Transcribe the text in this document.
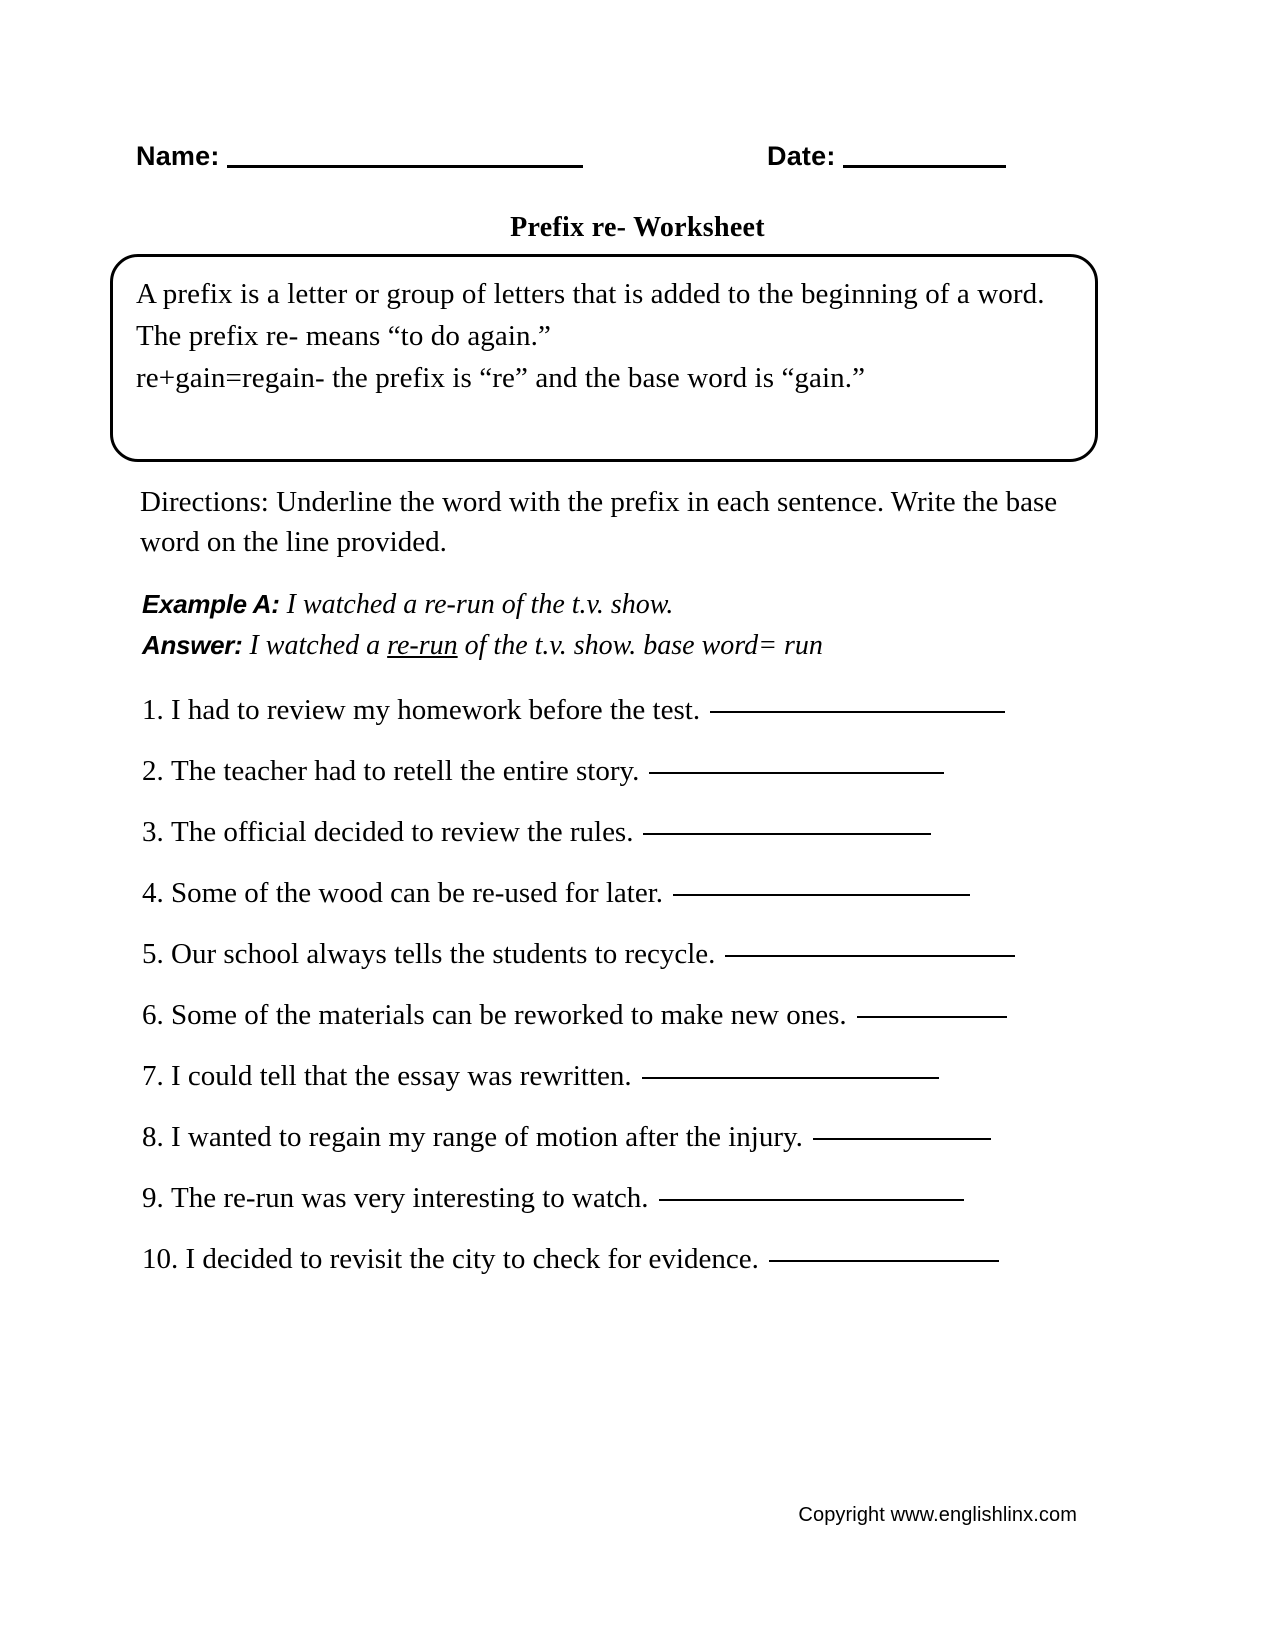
Name:	Date:
Prefix re- Worksheet
A prefix is a letter or group of letters that is added to the beginning of a word.
The prefix re- means “to do again.”
re+gain=regain- the prefix is “re” and the base word is “gain.”
Directions: Underline the word with the prefix in each sentence. Write the base word on the line provided.
Example A: I watched a re-run of the t.v. show.
Answer: I watched a re-run of the t.v. show. base word= run
1.
I had to review my homework before the test.
2.
The teacher had to retell the entire story.
3.
The official decided to review the rules.
4.
Some of the wood can be re-used for later.
5.
Our school always tells the students to recycle.
6.
Some of the materials can be reworked to make new ones.
7.
I could tell that the essay was rewritten.
8.
I wanted to regain my range of motion after the injury.
9.
The re-run was very interesting to watch.
10.
I decided to revisit the city to check for evidence.
Copyright www.englishlinx.com
